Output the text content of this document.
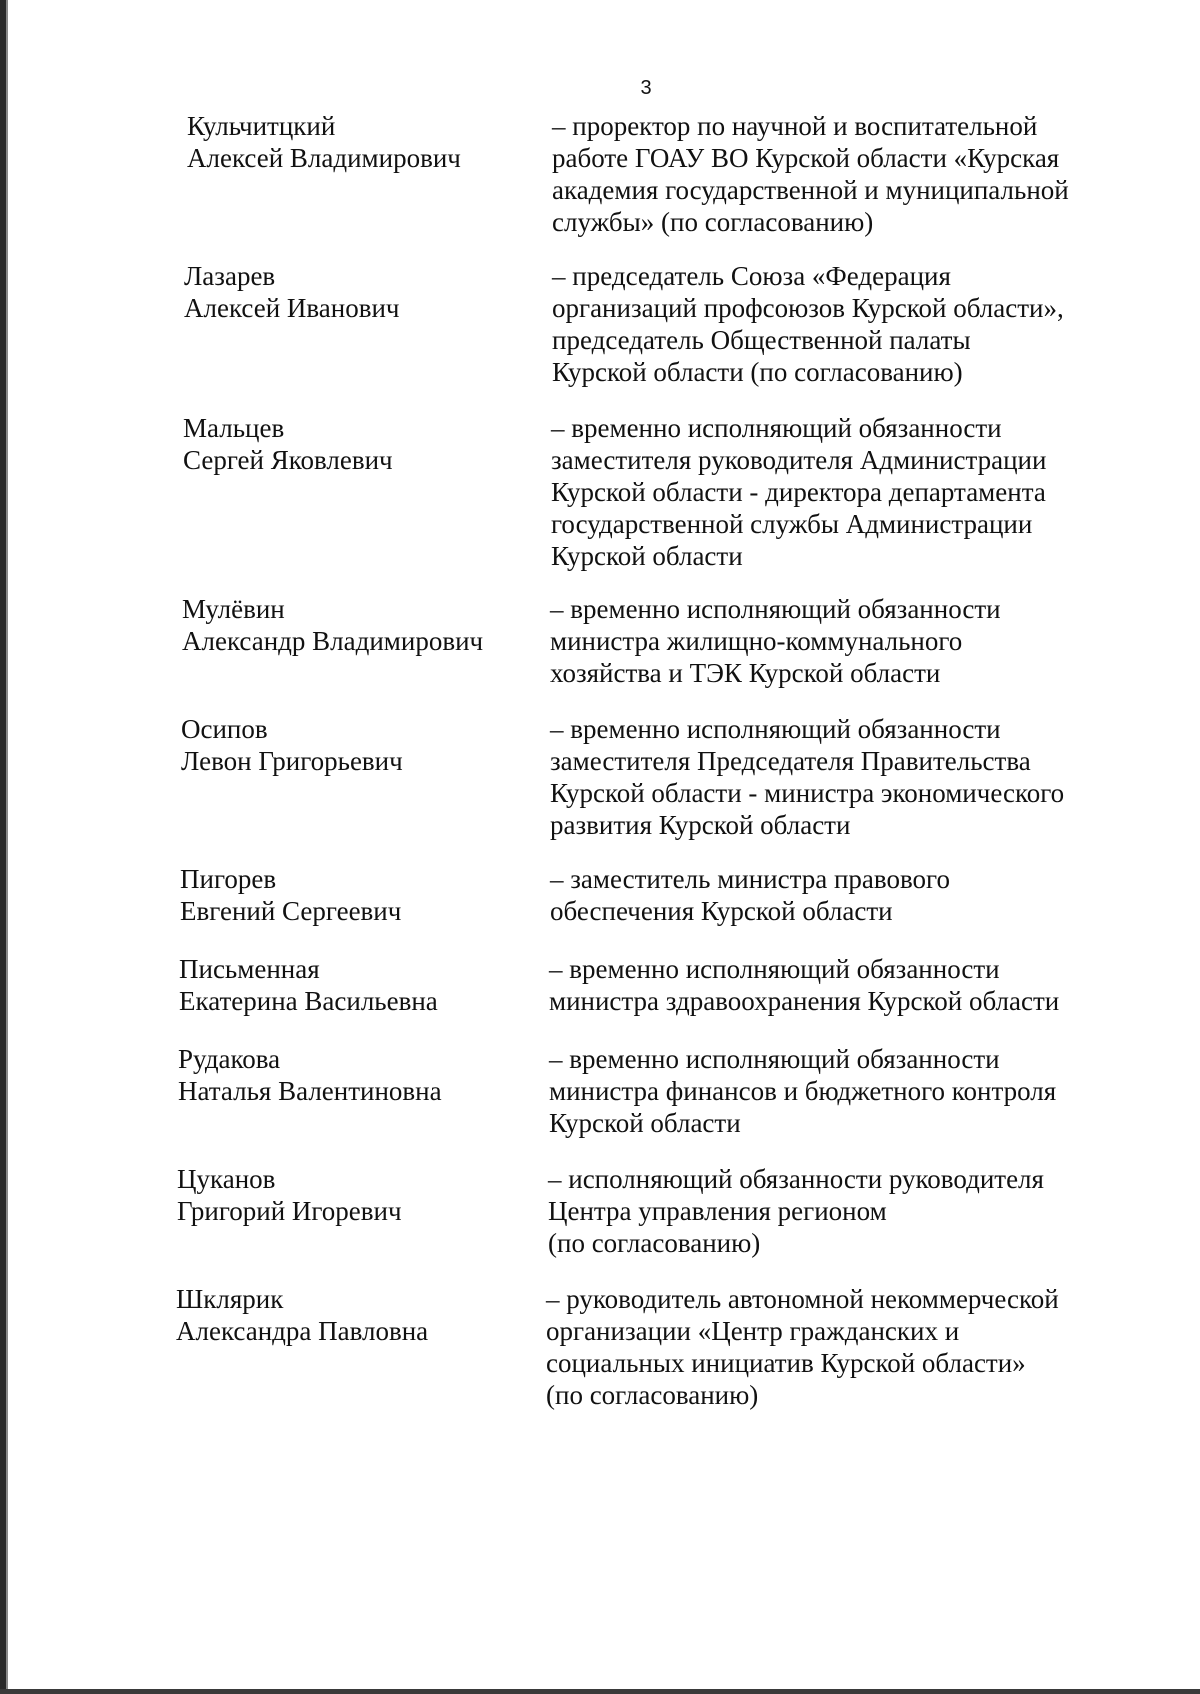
3
Кульчитцкий
Алексей Владимирович
– проректор по научной и воспитательной
работе ГОАУ ВО Курской области «Курская
академия государственной и муниципальной
службы» (по согласованию)
Лазарев
Алексей Иванович
– председатель Союза «Федерация
организаций профсоюзов Курской области»,
председатель Общественной палаты
Курской области (по согласованию)
Мальцев
Сергей Яковлевич
– временно исполняющий обязанности
заместителя руководителя Администрации
Курской области - директора департамента
государственной службы Администрации
Курской области
Мулёвин
Александр Владимирович
– временно исполняющий обязанности
министра жилищно-коммунального
хозяйства и ТЭК Курской области
Осипов
Левон Григорьевич
– временно исполняющий обязанности
заместителя Председателя Правительства
Курской области - министра экономического
развития Курской области
Пигорев
Евгений Сергеевич
– заместитель министра правового
обеспечения Курской области
Письменная
Екатерина Васильевна
– временно исполняющий обязанности
министра здравоохранения Курской области
Рудакова
Наталья Валентиновна
– временно исполняющий обязанности
министра финансов и бюджетного контроля
Курской области
Цуканов
Григорий Игоревич
– исполняющий обязанности руководителя
Центра управления регионом
(по согласованию)
Шклярик
Александра Павловна
– руководитель автономной некоммерческой
организации «Центр гражданских и
социальных инициатив Курской области»
(по согласованию)
